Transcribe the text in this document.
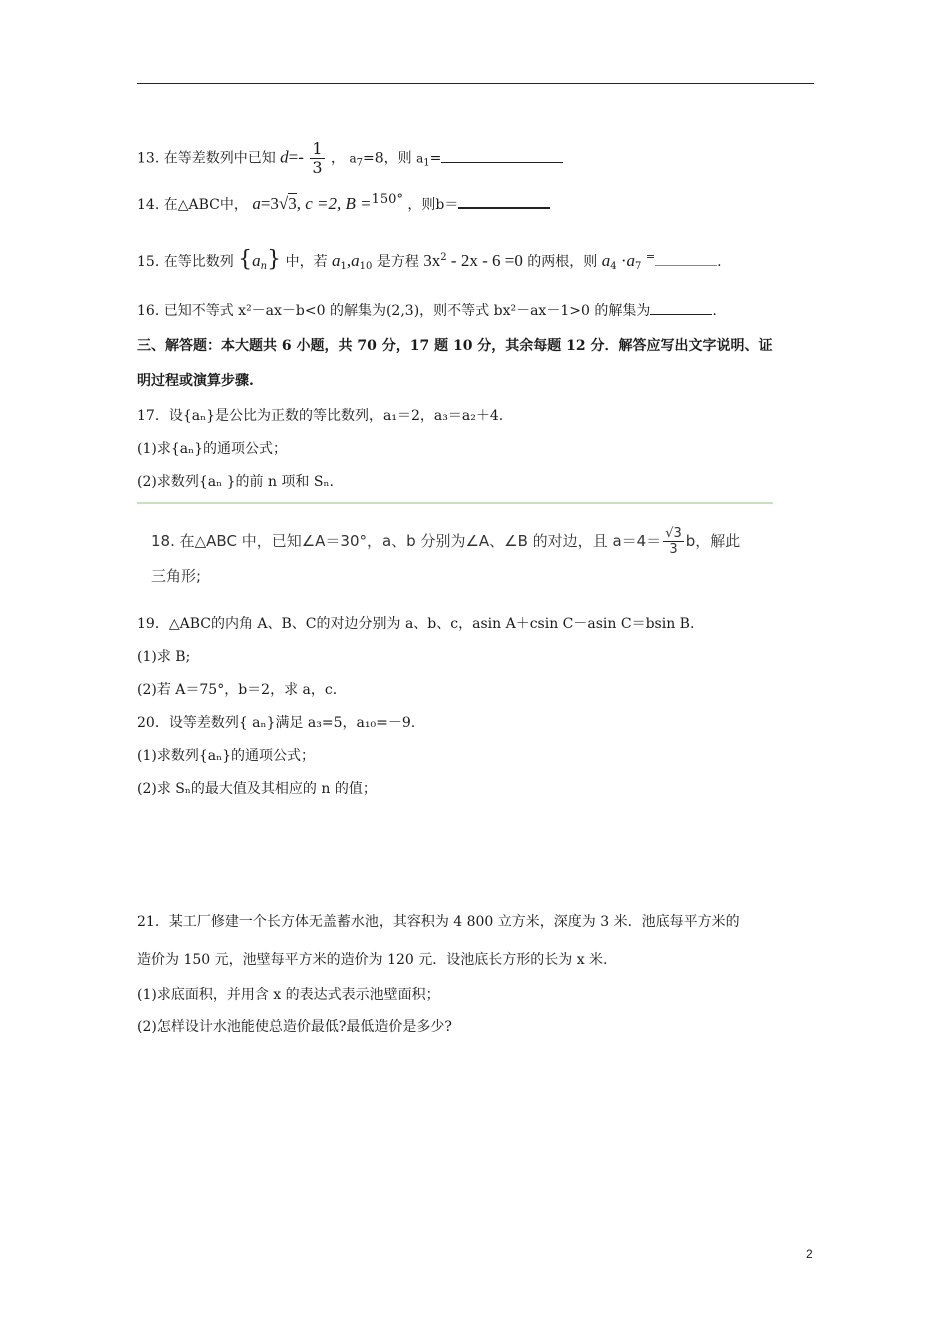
13. 在等差数列中已知 $d=- \frac{1}{3}$ ， $a_7=8$，则 $a_1=$
14. 在△ABC中， a=3√3, c =2, B =150° ，则b＝
15. 在等比数列 $\{a_n\}$ 中，若 $a_1,a_{10}$ 是方程 $3x^2 - 2x - 6 =0$ 的两根，则 $a_4 \cdot a_7$ =	.
16. 已知不等式 x²－ax－b<0 的解集为(2,3)，则不等式 bx²－ax－1>0 的解集为	.
三、解答题：本大题共 6 小题，共 70 分，17 题 10 分，其余每题 12 分．解答应写出文字说明、证
明过程或演算步骤.
17．设{aₙ}是公比为正数的等比数列，a₁＝2，a₃＝a₂＋4.
(1)求{aₙ}的通项公式；
(2)求数列{aₙ }的前 n 项和 Sₙ.
18. 在△ABC 中，已知∠A＝30°，a、b 分别为∠A、∠B 的对边，且 $a=4= \frac{√3}{3}$ b，解此
三角形;
19．△ABC的内角 A、B、C的对边分别为 a、b、c，asin A＋csin C－asin C＝bsin B.
(1)求 B;
(2)若 A＝75°，b＝2，求 a，c.
20．设等差数列{ aₙ}满足 a₃=5，a₁₀=－9.
(1)求数列{aₙ}的通项公式；
(2)求 Sₙ的最大值及其相应的 n 的值；
21．某工厂修建一个长方体无盖蓄水池，其容积为 4 800 立方米，深度为 3 米．池底每平方米的
造价为 150 元，池壁每平方米的造价为 120 元．设池底长方形的长为 x 米.
(1)求底面积，并用含 x 的表达式表示池壁面积；
(2)怎样设计水池能使总造价最低?最低造价是多少?
2
